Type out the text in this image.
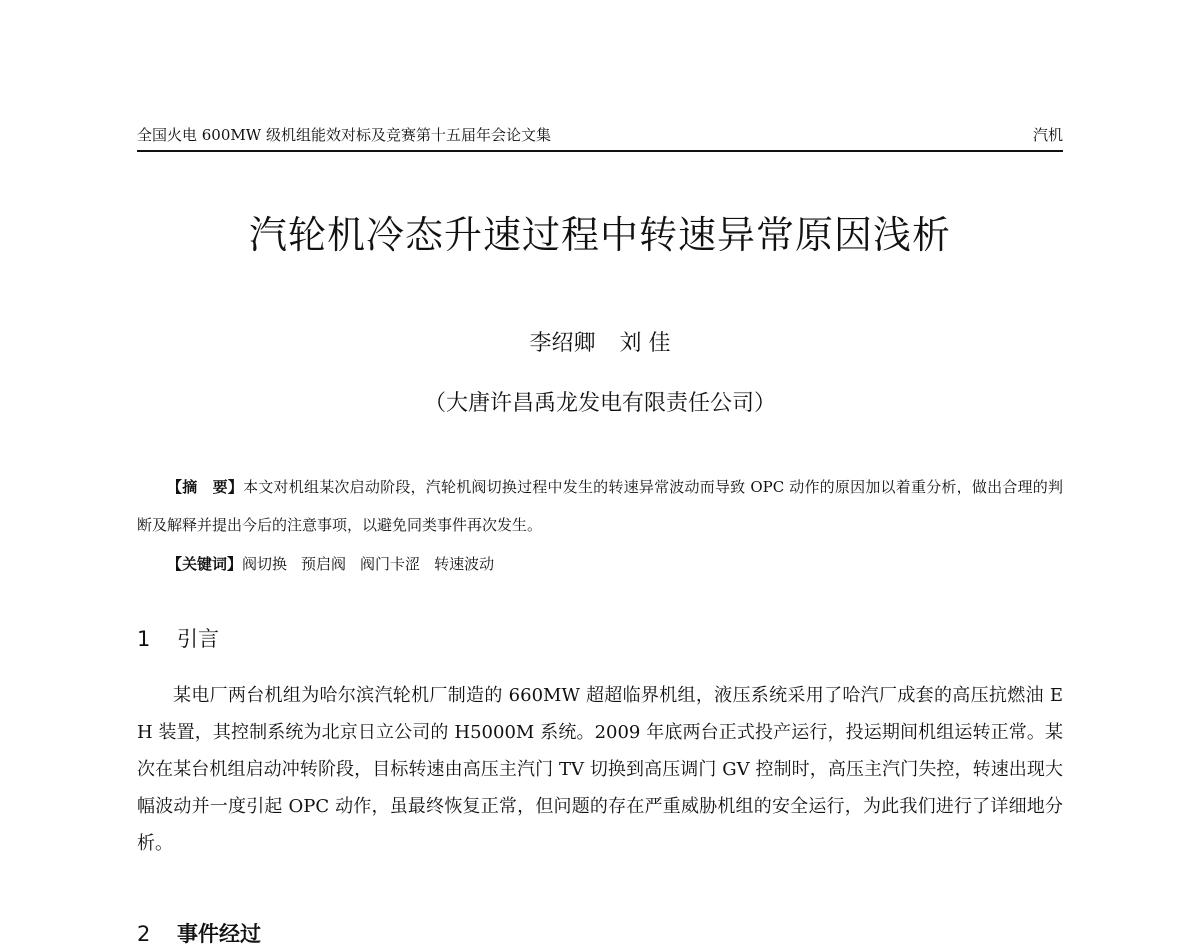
全国火电 600MW 级机组能效对标及竞赛第十五届年会论文集	汽机
汽轮机冷态升速过程中转速异常原因浅析
李绍卿 刘 佳
（大唐许昌禹龙发电有限责任公司）
【摘　要】本文对机组某次启动阶段，汽轮机阀切换过程中发生的转速异常波动而导致 OPC 动作的原因加以着重分析，做出合理的判断及解释并提出今后的注意事项，以避免同类事件再次发生。
【关键词】阀切换 预启阀 阀门卡涩 转速波动
1 引言
某电厂两台机组为哈尔滨汽轮机厂制造的 660MW 超超临界机组，液压系统采用了哈汽厂成套的高压抗燃油 EH 装置，其控制系统为北京日立公司的 H5000M 系统。2009 年底两台正式投产运行，投运期间机组运转正常。某次在某台机组启动冲转阶段，目标转速由高压主汽门 TV 切换到高压调门 GV 控制时，高压主汽门失控，转速出现大幅波动并一度引起 OPC 动作，虽最终恢复正常，但问题的存在严重威胁机组的安全运行，为此我们进行了详细地分析。
2 事件经过
